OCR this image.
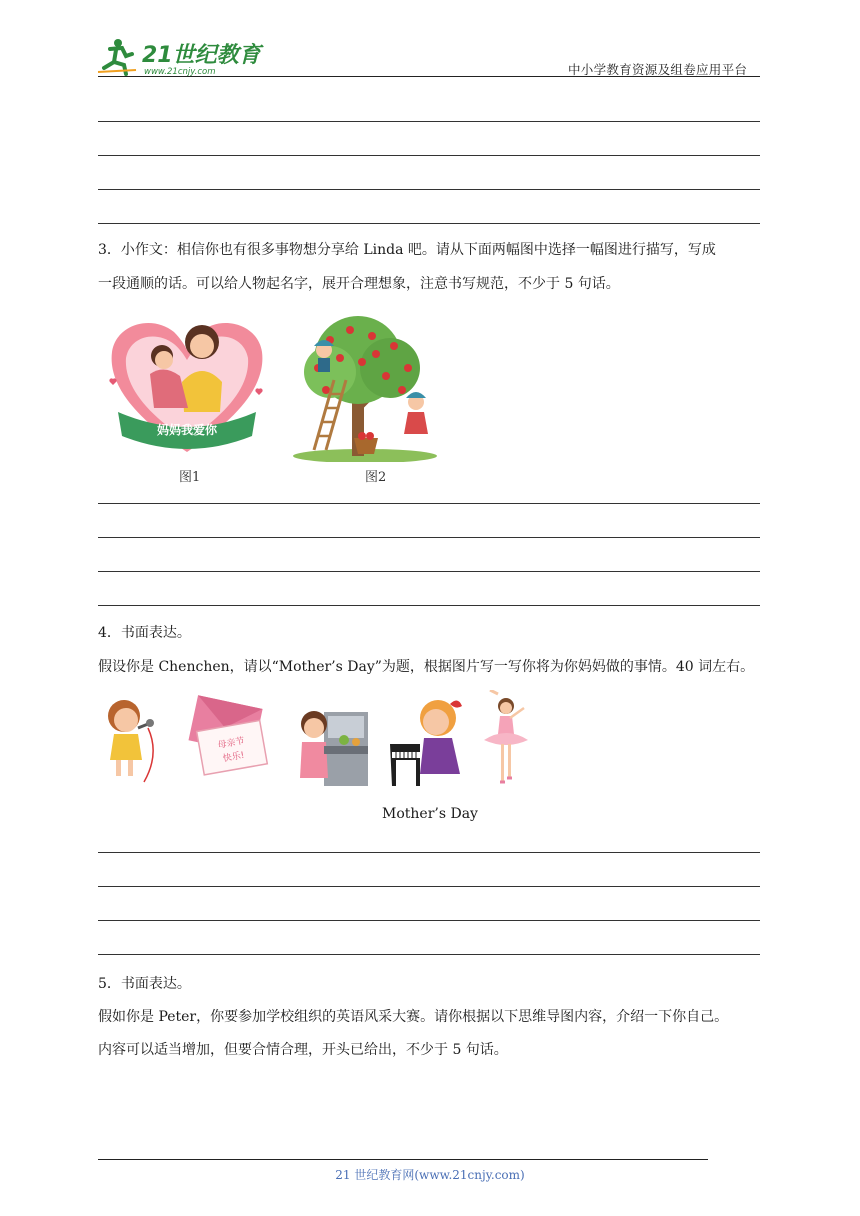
21世纪教育
www.21cnjy.com	中小学教育资源及组卷应用平台
3．小作文：相信你也有很多事物想分享给 Linda 吧。请从下面两幅图中选择一幅图进行描写，写成
一段通顺的话。可以给人物起名字，展开合理想象，注意书写规范，不少于 5 句话。
妈妈我爱你
图1	图2
4．书面表达。
假设你是 Chenchen，请以“Mother’s Day”为题，根据图片写一写你将为你妈妈做的事情。40 词左右。
母亲节
快乐!
Mother’s Day
5．书面表达。
假如你是 Peter，你要参加学校组织的英语风采大赛。请你根据以下思维导图内容，介绍一下你自己。
内容可以适当增加，但要合情合理，开头已给出，不少于 5 句话。
21 世纪教育网(www.21cnjy.com)
